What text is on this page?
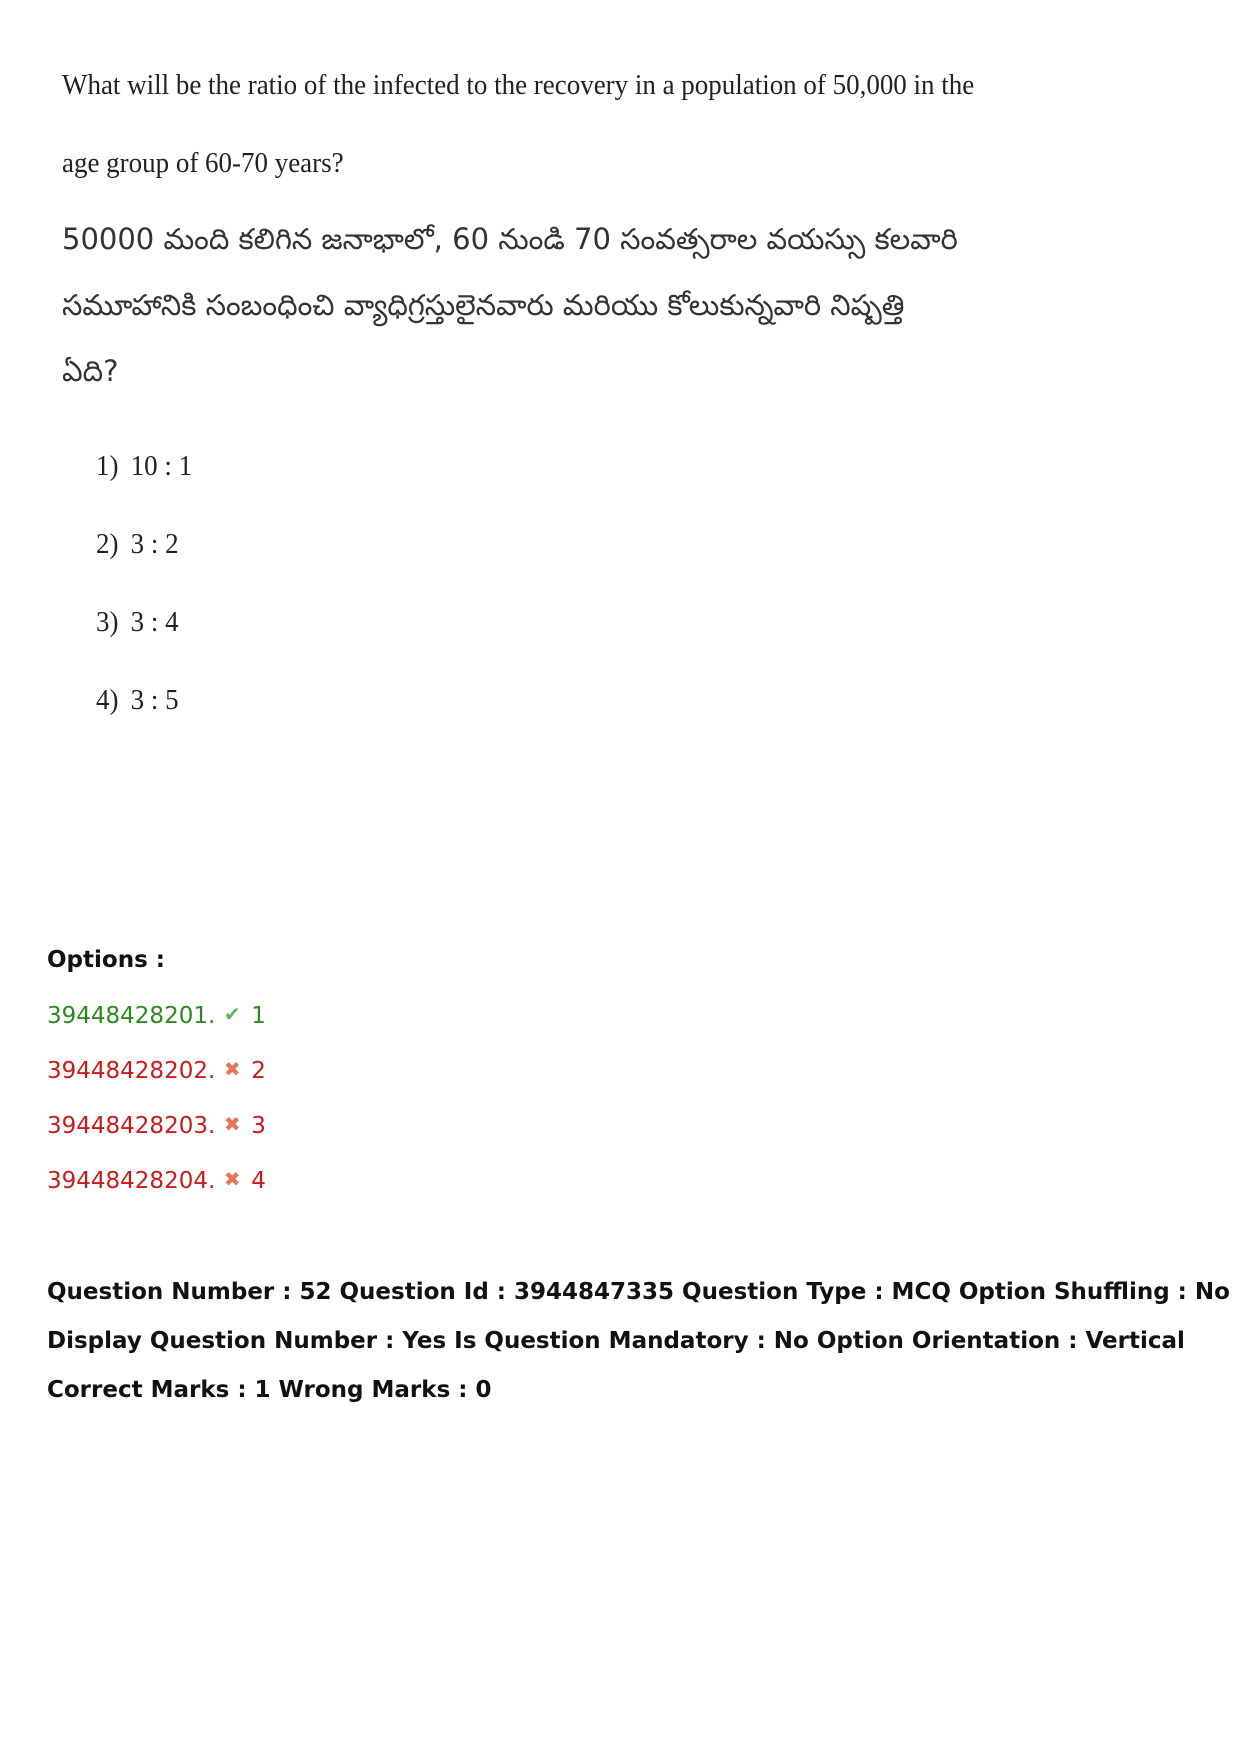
What will be the ratio of the infected to the recovery in a population of 50,000 in the

age group of 60-70 years?

50000 మంది కలిగిన జనాభాలో, 60 నుండి 70 సంవత్సరాల వయస్సు కలవారి
సమూహానికి సంబంధించి వ్యాధిగ్రస్తులైనవారు మరియు కోలుకున్నవారి నిష్పత్తి
ఏది?
1) 10 : 1
2) 3 : 2
3) 3 : 4
4) 3 : 5
Options :
39448428201. ✔ 1
39448428202. ✖ 2
39448428203. ✖ 3
39448428204. ✖ 4
Question Number : 52 Question Id : 3944847335 Question Type : MCQ Option Shuffling : No
Display Question Number : Yes Is Question Mandatory : No Option Orientation : Vertical
Correct Marks : 1 Wrong Marks : 0
